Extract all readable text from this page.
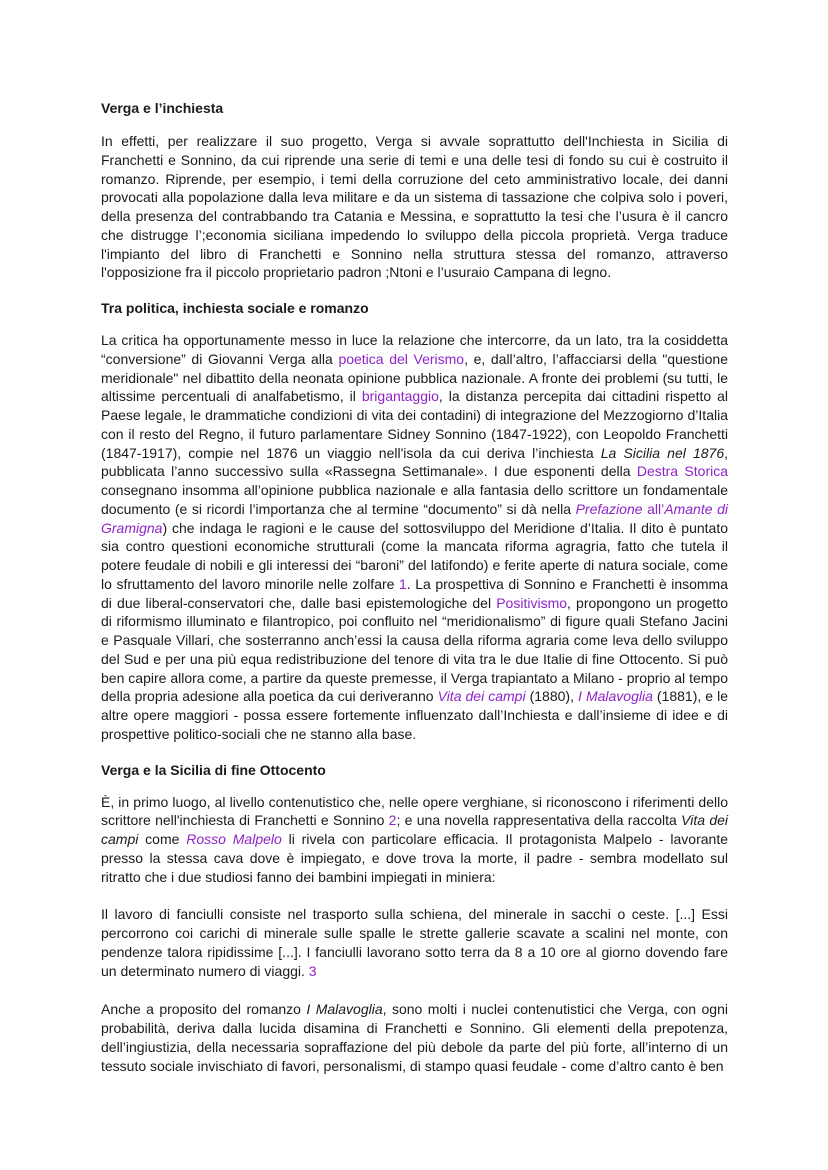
Verga e l’inchiesta

In effetti, per realizzare il suo progetto, Verga si avvale soprattutto dell'Inchiesta in Sicilia di Franchetti e Sonnino, da cui riprende una serie di temi e una delle tesi di fondo su cui è costruito il romanzo. Riprende, per esempio, i temi della corruzione del ceto amministrativo locale, dei danni provocati alla popolazione dalla leva militare e da un sistema di tassazione che colpiva solo i poveri, della presenza del contrabbando tra Catania e Messina, e soprattutto la tesi che l’usura è il cancro che distrugge l’;economia siciliana impedendo lo sviluppo della piccola proprietà. Verga traduce l'impianto del libro di Franchetti e Sonnino nella struttura stessa del romanzo, attraverso l'opposizione fra il piccolo proprietario padron ;Ntoni e l’usuraio Campana di legno.

Tra politica, inchiesta sociale e romanzo

La critica ha opportunamente messo in luce la relazione che intercorre, da un lato, tra la cosiddetta “conversione” di Giovanni Verga alla poetica del Verismo, e, dall’altro, l’affacciarsi della "questione meridionale" nel dibattito della neonata opinione pubblica nazionale. A fronte dei problemi (su tutti, le altissime percentuali di analfabetismo, il brigantaggio, la distanza percepita dai cittadini rispetto al Paese legale, le drammatiche condizioni di vita dei contadini) di integrazione del Mezzogiorno d’Italia con il resto del Regno, il futuro parlamentare Sidney Sonnino (1847-1922), con Leopoldo Franchetti (1847-1917), compie nel 1876 un viaggio nell'isola da cui deriva l’inchiesta La Sicilia nel 1876, pubblicata l’anno successivo sulla «Rassegna Settimanale». I due esponenti della Destra Storica consegnano insomma all’opinione pubblica nazionale e alla fantasia dello scrittore un fondamentale documento (e si ricordi l’importanza che al termine “documento” si dà nella Prefazione all’Amante di Gramigna) che indaga le ragioni e le cause del sottosviluppo del Meridione d’Italia. Il dito è puntato sia contro questioni economiche strutturali (come la mancata riforma agragria, fatto che tutela il potere feudale di nobili e gli interessi dei “baroni” del latifondo) e ferite aperte di natura sociale, come lo sfruttamento del lavoro minorile nelle zolfare 1. La prospettiva di Sonnino e Franchetti è insomma di due liberal-conservatori che, dalle basi epistemologiche del Positivismo, propongono un progetto di riformismo illuminato e filantropico, poi confluito nel “meridionalismo” di figure quali Stefano Jacini e Pasquale Villari, che sosterranno anch’essi la causa della riforma agraria come leva dello sviluppo del Sud e per una più equa redistribuzione del tenore di vita tra le due Italie di fine Ottocento. Si può ben capire allora come, a partire da queste premesse, il Verga trapiantato a Milano - proprio al tempo della propria adesione alla poetica da cui deriveranno Vita dei campi (1880), I Malavoglia (1881), e le altre opere maggiori - possa essere fortemente influenzato dall’Inchiesta e dall’insieme di idee e di prospettive politico-sociali che ne stanno alla base.

Verga e la Sicilia di fine Ottocento

È, in primo luogo, al livello contenutistico che, nelle opere verghiane, si riconoscono i riferimenti dello scrittore nell'inchiesta di Franchetti e Sonnino 2; e una novella rappresentativa della raccolta Vita dei campi come Rosso Malpelo li rivela con particolare efficacia. Il protagonista Malpelo - lavorante presso la stessa cava dove è impiegato, e dove trova la morte, il padre - sembra modellato sul ritratto che i due studiosi fanno dei bambini impiegati in miniera:

Il lavoro di fanciulli consiste nel trasporto sulla schiena, del minerale in sacchi o ceste. [...] Essi percorrono coi carichi di minerale sulle spalle le strette gallerie scavate a scalini nel monte, con pendenze talora ripidissime [...]. I fanciulli lavorano sotto terra da 8 a 10 ore al giorno dovendo fare un determinato numero di viaggi. 3

Anche a proposito del romanzo I Malavoglia, sono molti i nuclei contenutistici che Verga, con ogni probabilità, deriva dalla lucida disamina di Franchetti e Sonnino. Gli elementi della prepotenza, dell’ingiustizia, della necessaria sopraffazione del più debole da parte del più forte, all’interno di un tessuto sociale invischiato di favori, personalismi, di stampo quasi feudale - come d’altro canto è ben
